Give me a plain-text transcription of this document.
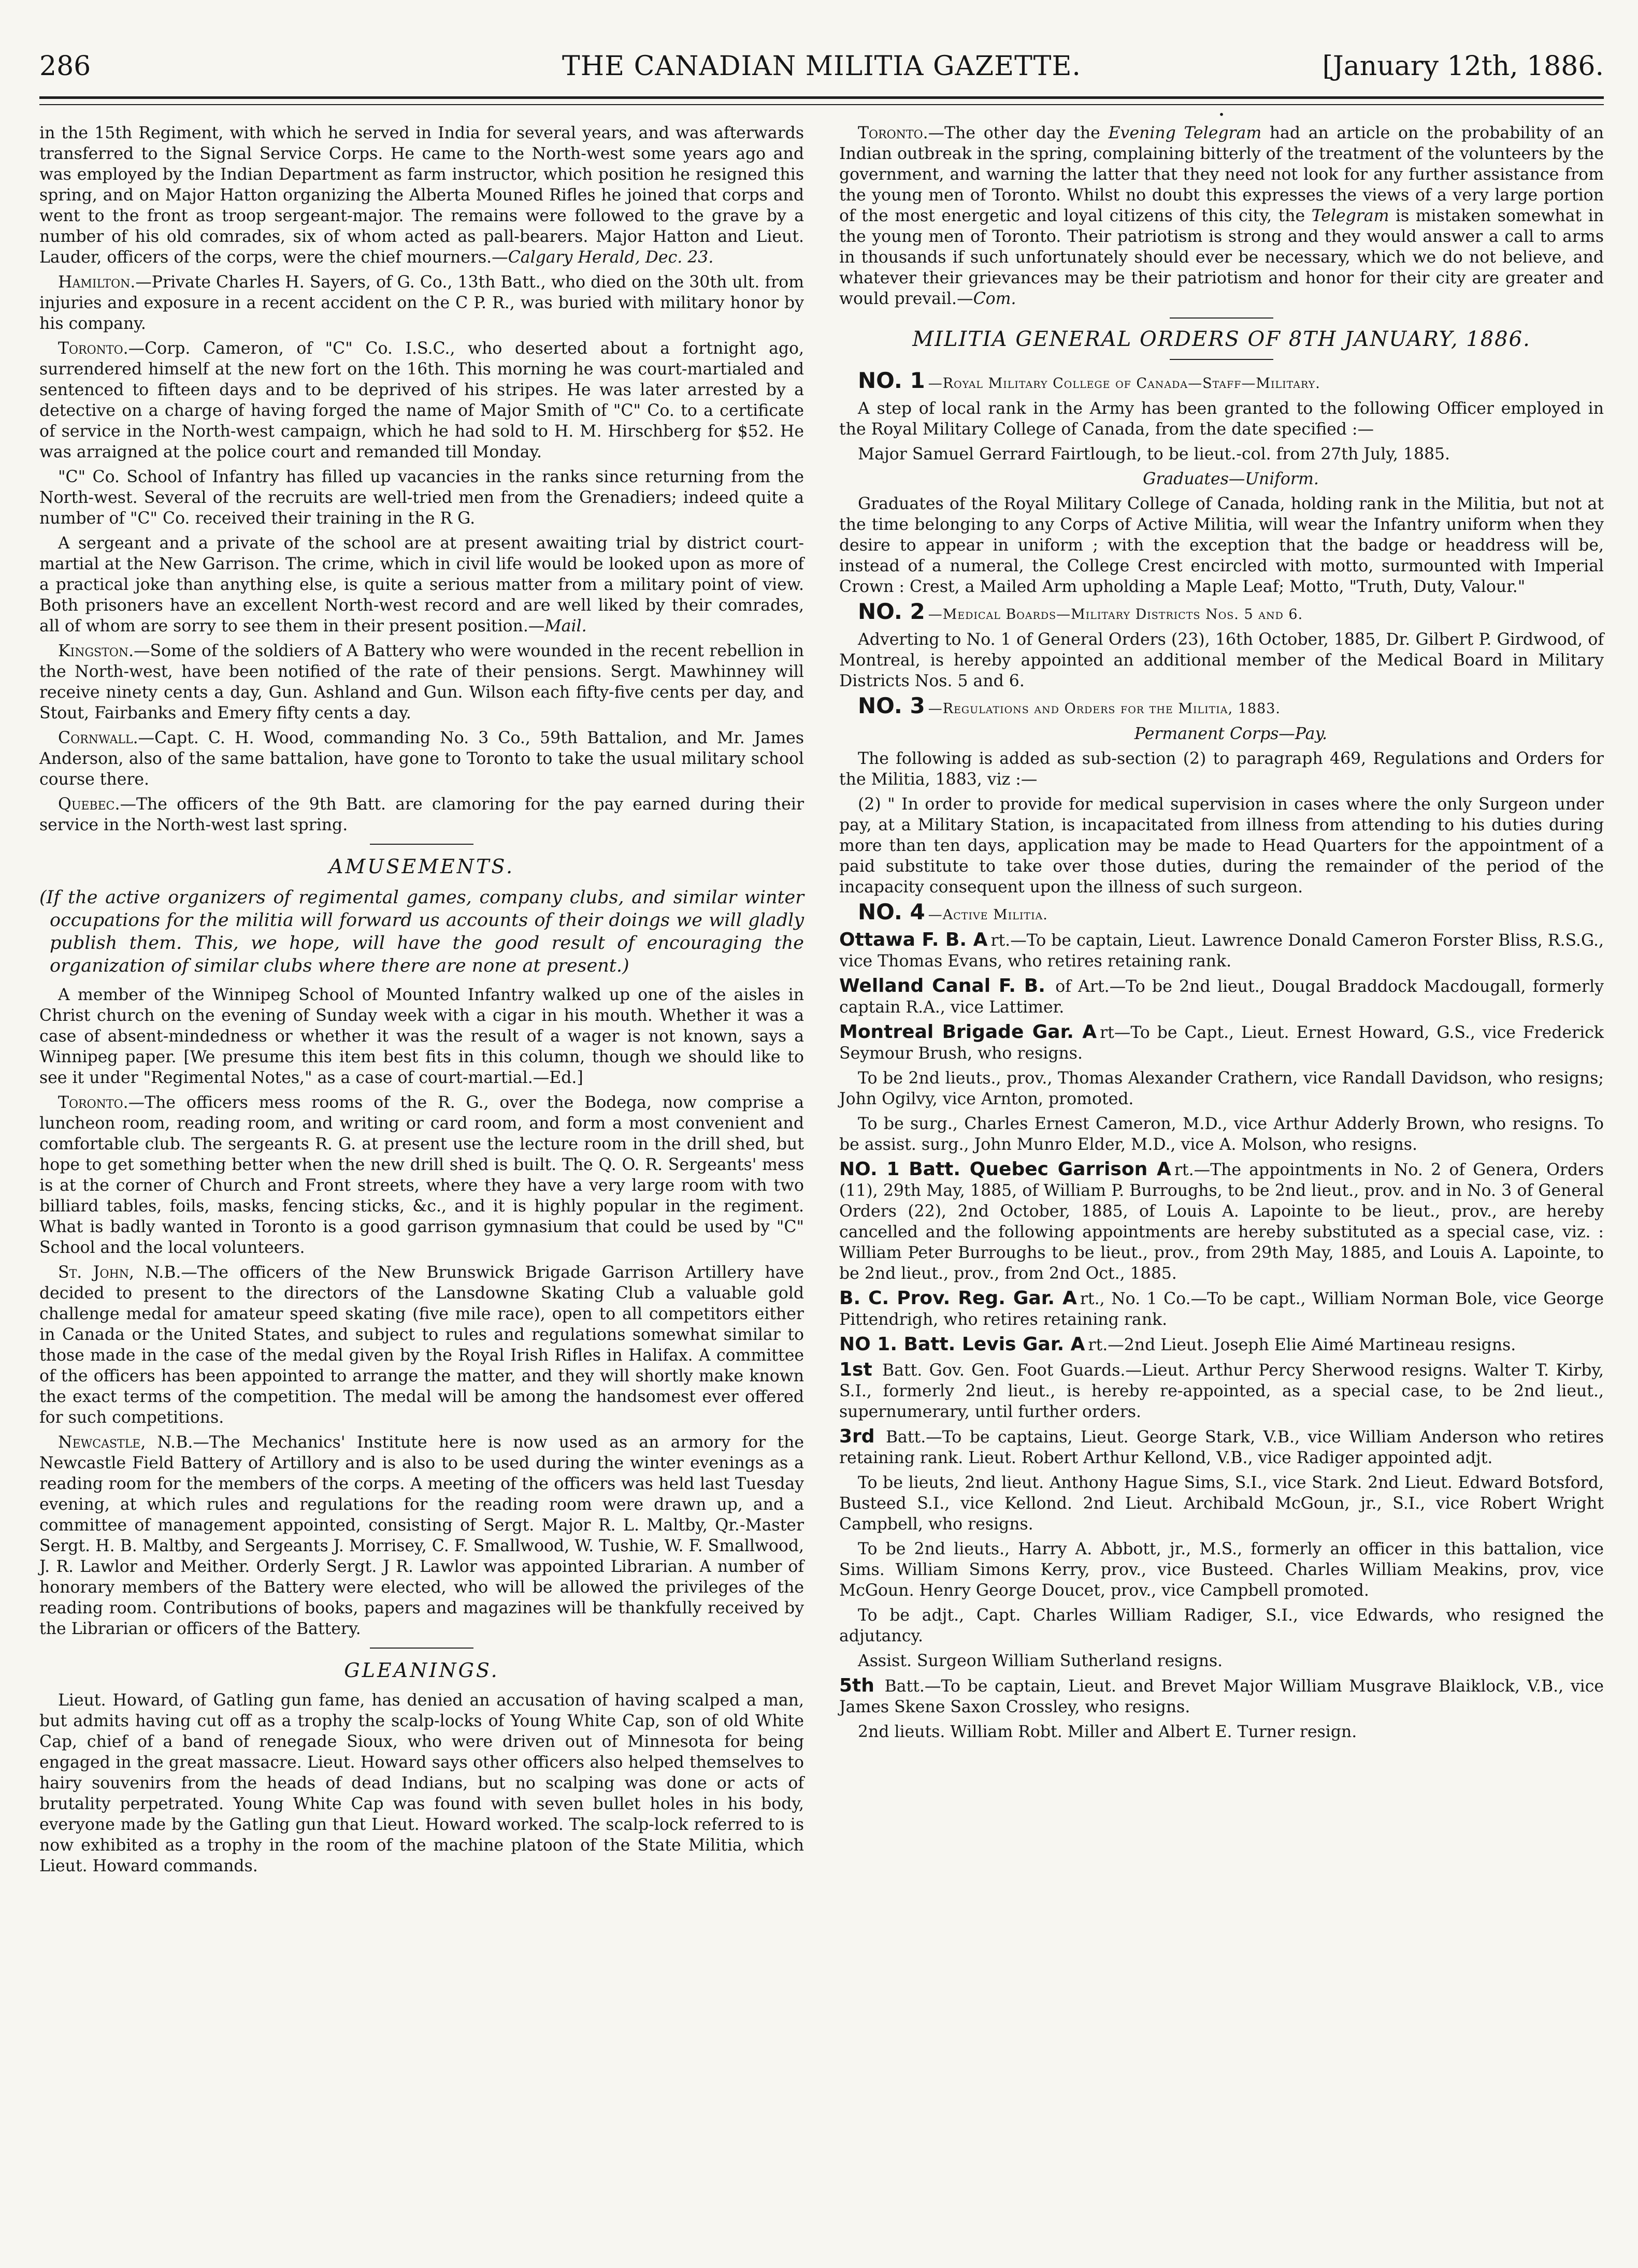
286	THE CANADIAN MILITIA GAZETTE.	[January 12th, 1886.

in the 15th Regiment, with which he served in India for several years, and was afterwards transferred to the Signal Service Corps. He came to the North-west some years ago and was employed by the Indian Department as farm instructor, which position he resigned this spring, and on Major Hatton organizing the Alberta Mouned Rifles he joined that corps and went to the front as troop sergeant-major. The remains were followed to the grave by a number of his old comrades, six of whom acted as pall-bearers. Major Hatton and Lieut. Lauder, officers of the corps, were the chief mourners.—Calgary Herald, Dec. 23.

Hamilton.—Private Charles H. Sayers, of G. Co., 13th Batt., who died on the 30th ult. from injuries and exposure in a recent accident on the C P. R., was buried with military honor by his company.

Toronto.—Corp. Cameron, of "C" Co. I.S.C., who deserted about a fortnight ago, surrendered himself at the new fort on the 16th. This morning he was court-martialed and sentenced to fifteen days and to be deprived of his stripes. He was later arrested by a detective on a charge of having forged the name of Major Smith of "C" Co. to a certificate of service in the North-west campaign, which he had sold to H. M. Hirschberg for $52. He was arraigned at the police court and remanded till Monday.

"C" Co. School of Infantry has filled up vacancies in the ranks since returning from the North-west. Several of the recruits are well-tried men from the Grenadiers; indeed quite a number of "C" Co. received their training in the R G.

A sergeant and a private of the school are at present awaiting trial by district court-martial at the New Garrison. The crime, which in civil life would be looked upon as more of a practical joke than anything else, is quite a serious matter from a military point of view. Both prisoners have an excellent North-west record and are well liked by their comrades, all of whom are sorry to see them in their present position.—Mail.

Kingston.—Some of the soldiers of A Battery who were wounded in the recent rebellion in the North-west, have been notified of the rate of their pensions. Sergt. Mawhinney will receive ninety cents a day, Gun. Ashland and Gun. Wilson each fifty-five cents per day, and Stout, Fairbanks and Emery fifty cents a day.

Cornwall.—Capt. C. H. Wood, commanding No. 3 Co., 59th Battalion, and Mr. James Anderson, also of the same battalion, have gone to Toronto to take the usual military school course there.

Quebec.—The officers of the 9th Batt. are clamoring for the pay earned during their service in the North-west last spring.

AMUSEMENTS.
(If the active organizers of regimental games, company clubs, and similar winter occupations for the militia will forward us accounts of their doings we will gladly publish them. This, we hope, will have the good result of encouraging the organization of similar clubs where there are none at present.)

A member of the Winnipeg School of Mounted Infantry walked up one of the aisles in Christ church on the evening of Sunday week with a cigar in his mouth. Whether it was a case of absent-mindedness or whether it was the result of a wager is not known, says a Winnipeg paper. [We presume this item best fits in this column, though we should like to see it under "Regimental Notes," as a case of court-martial.—Ed.]

Toronto.—The officers mess rooms of the R. G., over the Bodega, now comprise a luncheon room, reading room, and writing or card room, and form a most convenient and comfortable club. The sergeants R. G. at present use the lecture room in the drill shed, but hope to get something better when the new drill shed is built. The Q. O. R. Sergeants' mess is at the corner of Church and Front streets, where they have a very large room with two billiard tables, foils, masks, fencing sticks, &c., and it is highly popular in the regiment. What is badly wanted in Toronto is a good garrison gymnasium that could be used by "C" School and the local volunteers.

St. John, N.B.—The officers of the New Brunswick Brigade Garrison Artillery have decided to present to the directors of the Lansdowne Skating Club a valuable gold challenge medal for amateur speed skating (five mile race), open to all competitors either in Canada or the United States, and subject to rules and regulations somewhat similar to those made in the case of the medal given by the Royal Irish Rifles in Halifax. A committee of the officers has been appointed to arrange the matter, and they will shortly make known the exact terms of the competition. The medal will be among the handsomest ever offered for such competitions.

Newcastle, N.B.—The Mechanics' Institute here is now used as an armory for the Newcastle Field Battery of Artillory and is also to be used during the winter evenings as a reading room for the members of the corps. A meeting of the officers was held last Tuesday evening, at which rules and regulations for the reading room were drawn up, and a committee of management appointed, consisting of Sergt. Major R. L. Maltby, Qr.-Master Sergt. H. B. Maltby, and Sergeants J. Morrisey, C. F. Smallwood, W. Tushie, W. F. Smallwood, J. R. Lawlor and Meither. Orderly Sergt. J R. Lawlor was appointed Librarian. A number of honorary members of the Battery were elected, who will be allowed the privileges of the reading room. Contributions of books, papers and magazines will be thankfully received by the Librarian or officers of the Battery.

GLEANINGS.

Lieut. Howard, of Gatling gun fame, has denied an accusation of having scalped a man, but admits having cut off as a trophy the scalp-locks of Young White Cap, son of old White Cap, chief of a band of renegade Sioux, who were driven out of Minnesota for being engaged in the great massacre. Lieut. Howard says other officers also helped themselves to hairy souvenirs from the heads of dead Indians, but no scalping was done or acts of brutality perpetrated. Young White Cap was found with seven bullet holes in his body, everyone made by the Gatling gun that Lieut. Howard worked. The scalp-lock referred to is now exhibited as a trophy in the room of the machine platoon of the State Militia, which Lieut. Howard commands.

•

Toronto.—The other day the Evening Telegram had an article on the probability of an Indian outbreak in the spring, complaining bitterly of the treatment of the volunteers by the government, and warning the latter that they need not look for any further assistance from the young men of Toronto. Whilst no doubt this expresses the views of a very large portion of the most energetic and loyal citizens of this city, the Telegram is mistaken somewhat in the young men of Toronto. Their patriotism is strong and they would answer a call to arms in thousands if such unfortunately should ever be necessary, which we do not believe, and whatever their grievances may be their patriotism and honor for their city are greater and would prevail.—Com.

MILITIA GENERAL ORDERS OF 8TH JANUARY, 1886.

NO. 1 —Royal Military College of Canada—Staff—Military.

A step of local rank in the Army has been granted to the following Officer employed in the Royal Military College of Canada, from the date specified :—

Major Samuel Gerrard Fairtlough, to be lieut.-col. from 27th July, 1885.

Graduates—Uniform.

Graduates of the Royal Military College of Canada, holding rank in the Militia, but not at the time belonging to any Corps of Active Militia, will wear the Infantry uniform when they desire to appear in uniform ; with the exception that the badge or headdress will be, instead of a numeral, the College Crest encircled with motto, surmounted with Imperial Crown : Crest, a Mailed Arm upholding a Maple Leaf; Motto, "Truth, Duty, Valour."

NO. 2 —Medical Boards—Military Districts Nos. 5 and 6.

Adverting to No. 1 of General Orders (23), 16th October, 1885, Dr. Gilbert P. Girdwood, of Montreal, is hereby appointed an additional member of the Medical Board in Military Districts Nos. 5 and 6.

NO. 3 —Regulations and Orders for the Militia, 1883.

Permanent Corps—Pay.

The following is added as sub-section (2) to paragraph 469, Regulations and Orders for the Militia, 1883, viz :—

(2) " In order to provide for medical supervision in cases where the only Surgeon under pay, at a Military Station, is incapacitated from illness from attending to his duties during more than ten days, application may be made to Head Quarters for the appointment of a paid substitute to take over those duties, during the remainder of the period of the incapacity consequent upon the illness of such surgeon.

NO. 4 —Active Militia.

Ottawa F. B. A rt.—To be captain, Lieut. Lawrence Donald Cameron Forster Bliss, R.S.G., vice Thomas Evans, who retires retaining rank.

Welland Canal F. B. of Art.—To be 2nd lieut., Dougal Braddock Macdougall, formerly captain R.A., vice Lattimer.

Montreal Brigade Gar. A rt—To be Capt., Lieut. Ernest Howard, G.S., vice Frederick Seymour Brush, who resigns.

To be 2nd lieuts., prov., Thomas Alexander Crathern, vice Randall Davidson, who resigns; John Ogilvy, vice Arnton, promoted.

To be surg., Charles Ernest Cameron, M.D., vice Arthur Adderly Brown, who resigns. To be assist. surg., John Munro Elder, M.D., vice A. Molson, who resigns.

NO. 1 Batt. Quebec Garrison A rt.—The appointments in No. 2 of Genera, Orders (11), 29th May, 1885, of William P. Burroughs, to be 2nd lieut., prov. and in No. 3 of General Orders (22), 2nd October, 1885, of Louis A. Lapointe to be lieut., prov., are hereby cancelled and the following appointments are hereby substituted as a special case, viz. : William Peter Burroughs to be lieut., prov., from 29th May, 1885, and Louis A. Lapointe, to be 2nd lieut., prov., from 2nd Oct., 1885.

B. C. Prov. Reg. Gar. A rt., No. 1 Co.—To be capt., William Norman Bole, vice George Pittendrigh, who retires retaining rank.

NO 1. Batt. Levis Gar. A rt.—2nd Lieut. Joseph Elie Aimé Martineau resigns.

1st Batt. Gov. Gen. Foot Guards.—Lieut. Arthur Percy Sherwood resigns. Walter T. Kirby, S.I., formerly 2nd lieut., is hereby re-appointed, as a special case, to be 2nd lieut., supernumerary, until further orders.

3rd Batt.—To be captains, Lieut. George Stark, V.B., vice William Anderson who retires retaining rank. Lieut. Robert Arthur Kellond, V.B., vice Radiger appointed adjt.

To be lieuts, 2nd lieut. Anthony Hague Sims, S.I., vice Stark. 2nd Lieut. Edward Botsford, Busteed S.I., vice Kellond. 2nd Lieut. Archibald McGoun, jr., S.I., vice Robert Wright Campbell, who resigns.

To be 2nd lieuts., Harry A. Abbott, jr., M.S., formerly an officer in this battalion, vice Sims. William Simons Kerry, prov., vice Busteed. Charles William Meakins, prov, vice McGoun. Henry George Doucet, prov., vice Campbell promoted.

To be adjt., Capt. Charles William Radiger, S.I., vice Edwards, who resigned the adjutancy.

Assist. Surgeon William Sutherland resigns.

5th Batt.—To be captain, Lieut. and Brevet Major William Musgrave Blaiklock, V.B., vice James Skene Saxon Crossley, who resigns.

2nd lieuts. William Robt. Miller and Albert E. Turner resign.
